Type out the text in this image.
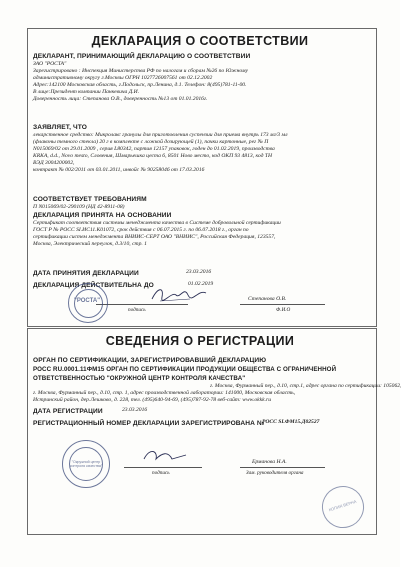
ДЕКЛАРАЦИЯ О СООТВЕТСТВИИ
ДЕКЛАРАНТ, ПРИНИМАЮЩИЙ ДЕКЛАРАЦИЮ О СООТВЕТСТВИИ
ЗАО "РОСТА"
Зарегистрировано : Инспекция Министерства РФ по налогам и сборам №26 по Южному
административному округу г.Москвы ОГРН 1027726007561 от 02.12.2002
Адрес:142100 Московская область, г.Подольск, пр.Ленина, д.1. Телефон: 8(495)781-11-00.
В лице:Президент компании Панкевича Д.И.
Доверенность лица: Степанова О.В., доверенность №13 от 01.01.2016г.
ЗАЯВЛЯЕТ, ЧТО
лекарственное средство: Микролакс гранулы для приготовления суспензии для приема внутрь 173 мг/3 мл
(флаконы темного стекла) 20 г в комплекте с ложкой дозирующей (1), пачки картонные, рег № П
N015069/02 от 29.01.2009 , серия L80342, партия 12157 упаковок, годен до 01.02.2019, производства
KRKA, d.d., Novo mesto, Словения, Шмарьешка цеста 6, 8501 Ново место, код ОКП 93 4813, код ТН
ВЭД 3004200002,
контракт № 002/2011 от 03.01.2011, инвойс № 90258046 от 17.03.2016
СООТВЕТСТВУЕТ ТРЕБОВАНИЯМ
П N015069/02-290109 (НД 42-8911-08)
ДЕКЛАРАЦИЯ ПРИНЯТА НА ОСНОВАНИИ
Сертификат соответствия системы менеджмента качества в Системе добровольной сертификации
ГОСТ Р № РОСС SI.ИС11.К01072, срок действия с 06.07.2015 г. по 06.07.2018 г., орган по
сертификации систем менеджмента ВНИИС-СЕРТ ОАО "ВНИИС", Российская Федерация, 123557,
Москва, Электрический переулок, д.3/10, стр. 1
ДАТА ПРИНЯТИЯ ДЕКЛАРАЦИИ	23.03.2016
ДЕКЛАРАЦИЯ ДЕЙСТВИТЕЛЬНА ДО	01.02.2019
подпись
Степанова О.В.
Ф.И.О
"РОСТА"
СВЕДЕНИЯ О РЕГИСТРАЦИИ
ОРГАН ПО СЕРТИФИКАЦИИ, ЗАРЕГИСТРИРОВАВШИЙ ДЕКЛАРАЦИЮ
РОСС RU.0001.11ФМ15 ОРГАН ПО СЕРТИФИКАЦИИ ПРОДУКЦИИ ОБЩЕСТВА С ОГРАНИЧЕННОЙ
ОТВЕТСТВЕННОСТЬЮ "ОКРУЖНОЙ ЦЕНТР КОНТРОЛЯ КАЧЕСТВА"
г. Москва, Фурманный пер., д.10, стр.1, адрес органа по сертификации: 105062,
г. Москва, Фурманный пер., д.10, стр. 1, адрес производственной лаборатории: 141000, Московская область,
Истринский район, дер.Лешково, д. 228, тел. (495)640-94-69, (495)787-92-78 веб-сайт: www.okkk.ru
ДАТА РЕГИСТРАЦИИ	23.03.2016
РЕГИСТРАЦИОННЫЙ НОМЕР ДЕКЛАРАЦИИ ЗАРЕГИСТРИРОВАНА №
РОСС SI.ФМ15.Д02527
"Окружной центр контроля качества"
подпись
Ерманова Н.А.
Зам. руководителя органа
КОПИЯ ВЕРНА
